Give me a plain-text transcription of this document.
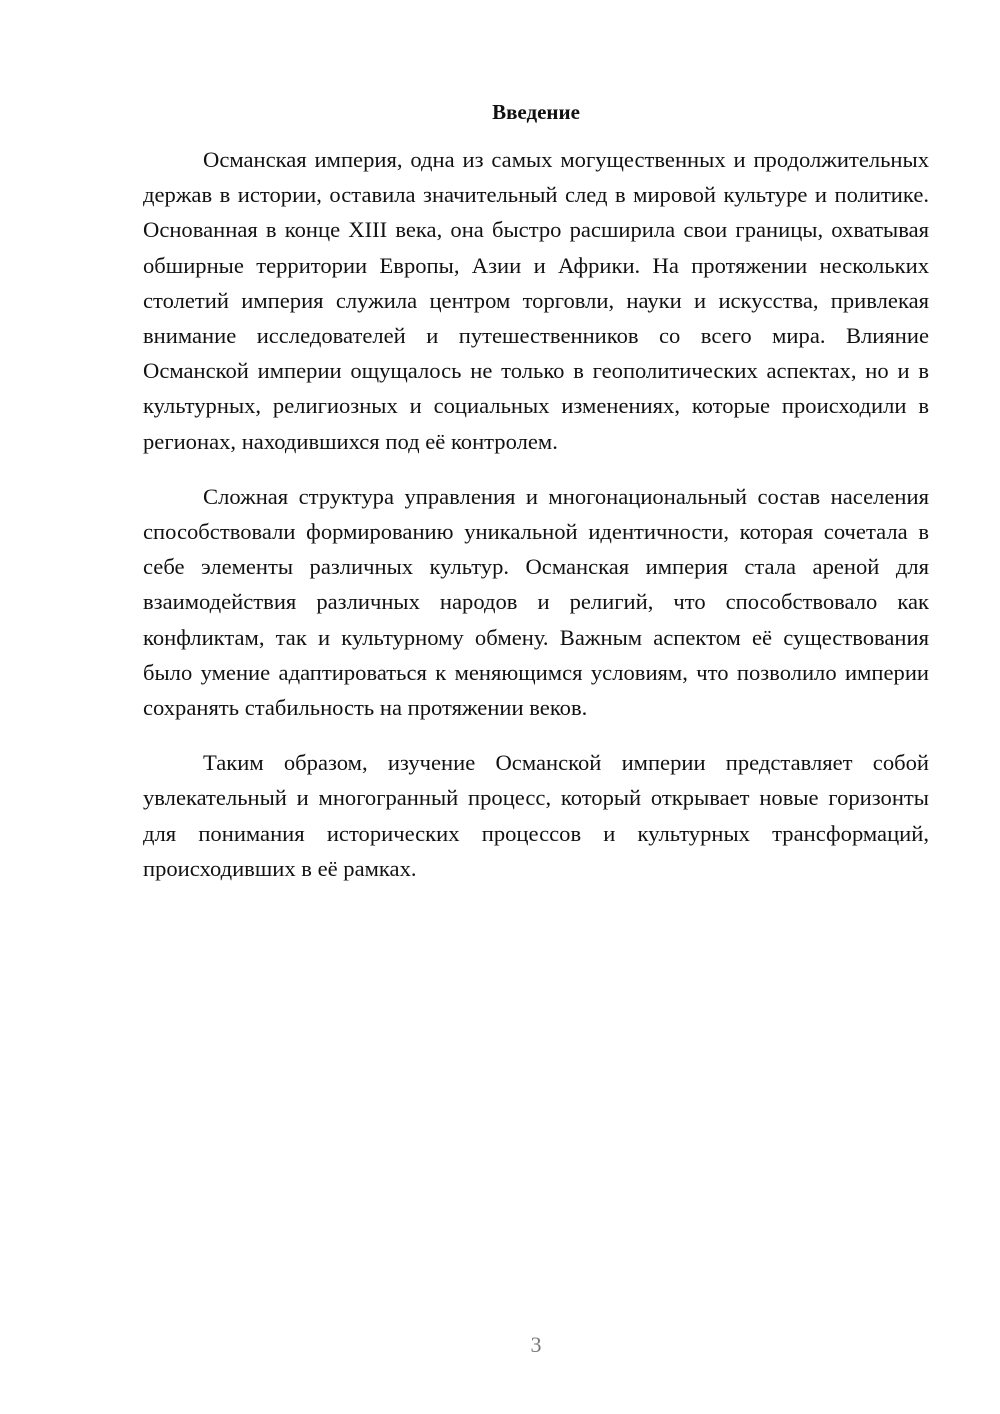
Введение

Османская империя, одна из самых могущественных и продолжительных держав в истории, оставила значительный след в мировой культуре и политике. Основанная в конце XIII века, она быстро расширила свои границы, охватывая обширные территории Европы, Азии и Африки. На протяжении нескольких столетий империя служила центром торговли, науки и искусства, привлекая внимание исследователей и путешественников со всего мира. Влияние Османской империи ощущалось не только в геополитических аспектах, но и в культурных, религиозных и социальных изменениях, которые происходили в регионах, находившихся под её контролем.

Сложная структура управления и многонациональный состав населения способствовали формированию уникальной идентичности, которая сочетала в себе элементы различных культур. Османская империя стала ареной для взаимодействия различных народов и религий, что способствовало как конфликтам, так и культурному обмену. Важным аспектом её существования было умение адаптироваться к меняющимся условиям, что позволило империи сохранять стабильность на протяжении веков.

Таким образом, изучение Османской империи представляет собой увлекательный и многогранный процесс, который открывает новые горизонты для понимания исторических процессов и культурных трансформаций, происходивших в её рамках.

3
